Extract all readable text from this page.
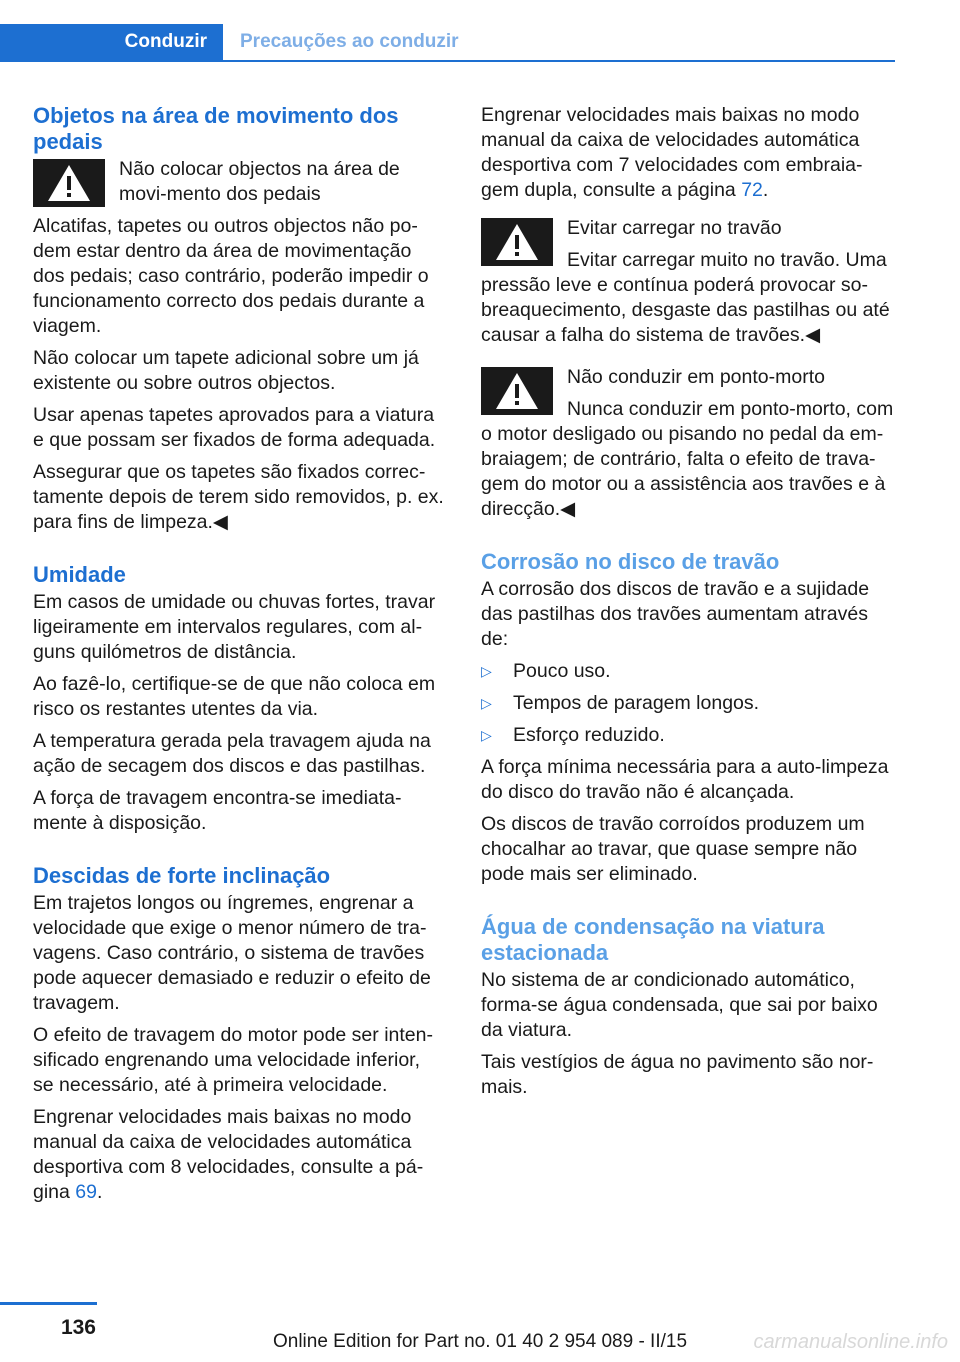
Conduzir Precauções ao conduzir
Objetos na área de movimento dos pedais
Não colocar objectos na área de movi‐mento dos pedais
Alcatifas, tapetes ou outros objectos não po‐dem estar dentro da área de movimentação dos pedais; caso contrário, poderão impedir o funcionamento correcto dos pedais durante a viagem.

Não colocar um tapete adicional sobre um já existente ou sobre outros objectos.

Usar apenas tapetes aprovados para a viatura e que possam ser fixados de forma adequada.

Assegurar que os tapetes são fixados correc‐tamente depois de terem sido removidos, p. ex. para fins de limpeza.◀

Umidade

Em casos de umidade ou chuvas fortes, travar ligeiramente em intervalos regulares, com al‐guns quilómetros de distância.

Ao fazê-lo, certifique-se de que não coloca em risco os restantes utentes da via.

A temperatura gerada pela travagem ajuda na ação de secagem dos discos e das pastilhas.

A força de travagem encontra-se imediata‐mente à disposição.

Descidas de forte inclinação

Em trajetos longos ou íngremes, engrenar a velocidade que exige o menor número de tra‐vagens. Caso contrário, o sistema de travões pode aquecer demasiado e reduzir o efeito de travagem.

O efeito de travagem do motor pode ser inten‐sificado engrenando uma velocidade inferior, se necessário, até à primeira velocidade.

Engrenar velocidades mais baixas no modo manual da caixa de velocidades automática desportiva com 8 velocidades, consulte a pá‐gina 69.

Engrenar velocidades mais baixas no modo manual da caixa de velocidades automática desportiva com 7 velocidades com embraia‐gem dupla, consulte a página 72.

Evitar carregar no travão
Evitar carregar muito no travão. Uma pressão leve e contínua poderá provocar so‐breaquecimento, desgaste das pastilhas ou até causar a falha do sistema de travões.◀
Não conduzir em ponto-morto
Nunca conduzir em ponto-morto, com o motor desligado ou pisando no pedal da em‐braiagem; de contrário, falta o efeito de trava‐gem do motor ou a assistência aos travões e à direcção.◀
Corrosão no disco de travão

A corrosão dos discos de travão e a sujidade das pastilhas dos travões aumentam através de:

▷ Pouco uso.
▷ Tempos de paragem longos.
▷ Esforço reduzido.

A força mínima necessária para a auto-limpeza do disco do travão não é alcançada.

Os discos de travão corroídos produzem um chocalhar ao travar, que quase sempre não pode mais ser eliminado.

Água de condensação na viatura estacionada

No sistema de ar condicionado automático, forma-se água condensada, que sai por baixo da viatura.

Tais vestígios de água no pavimento são nor‐mais.

136
Online Edition for Part no. 01 40 2 954 089 - II/15	carmanualsonline.info
